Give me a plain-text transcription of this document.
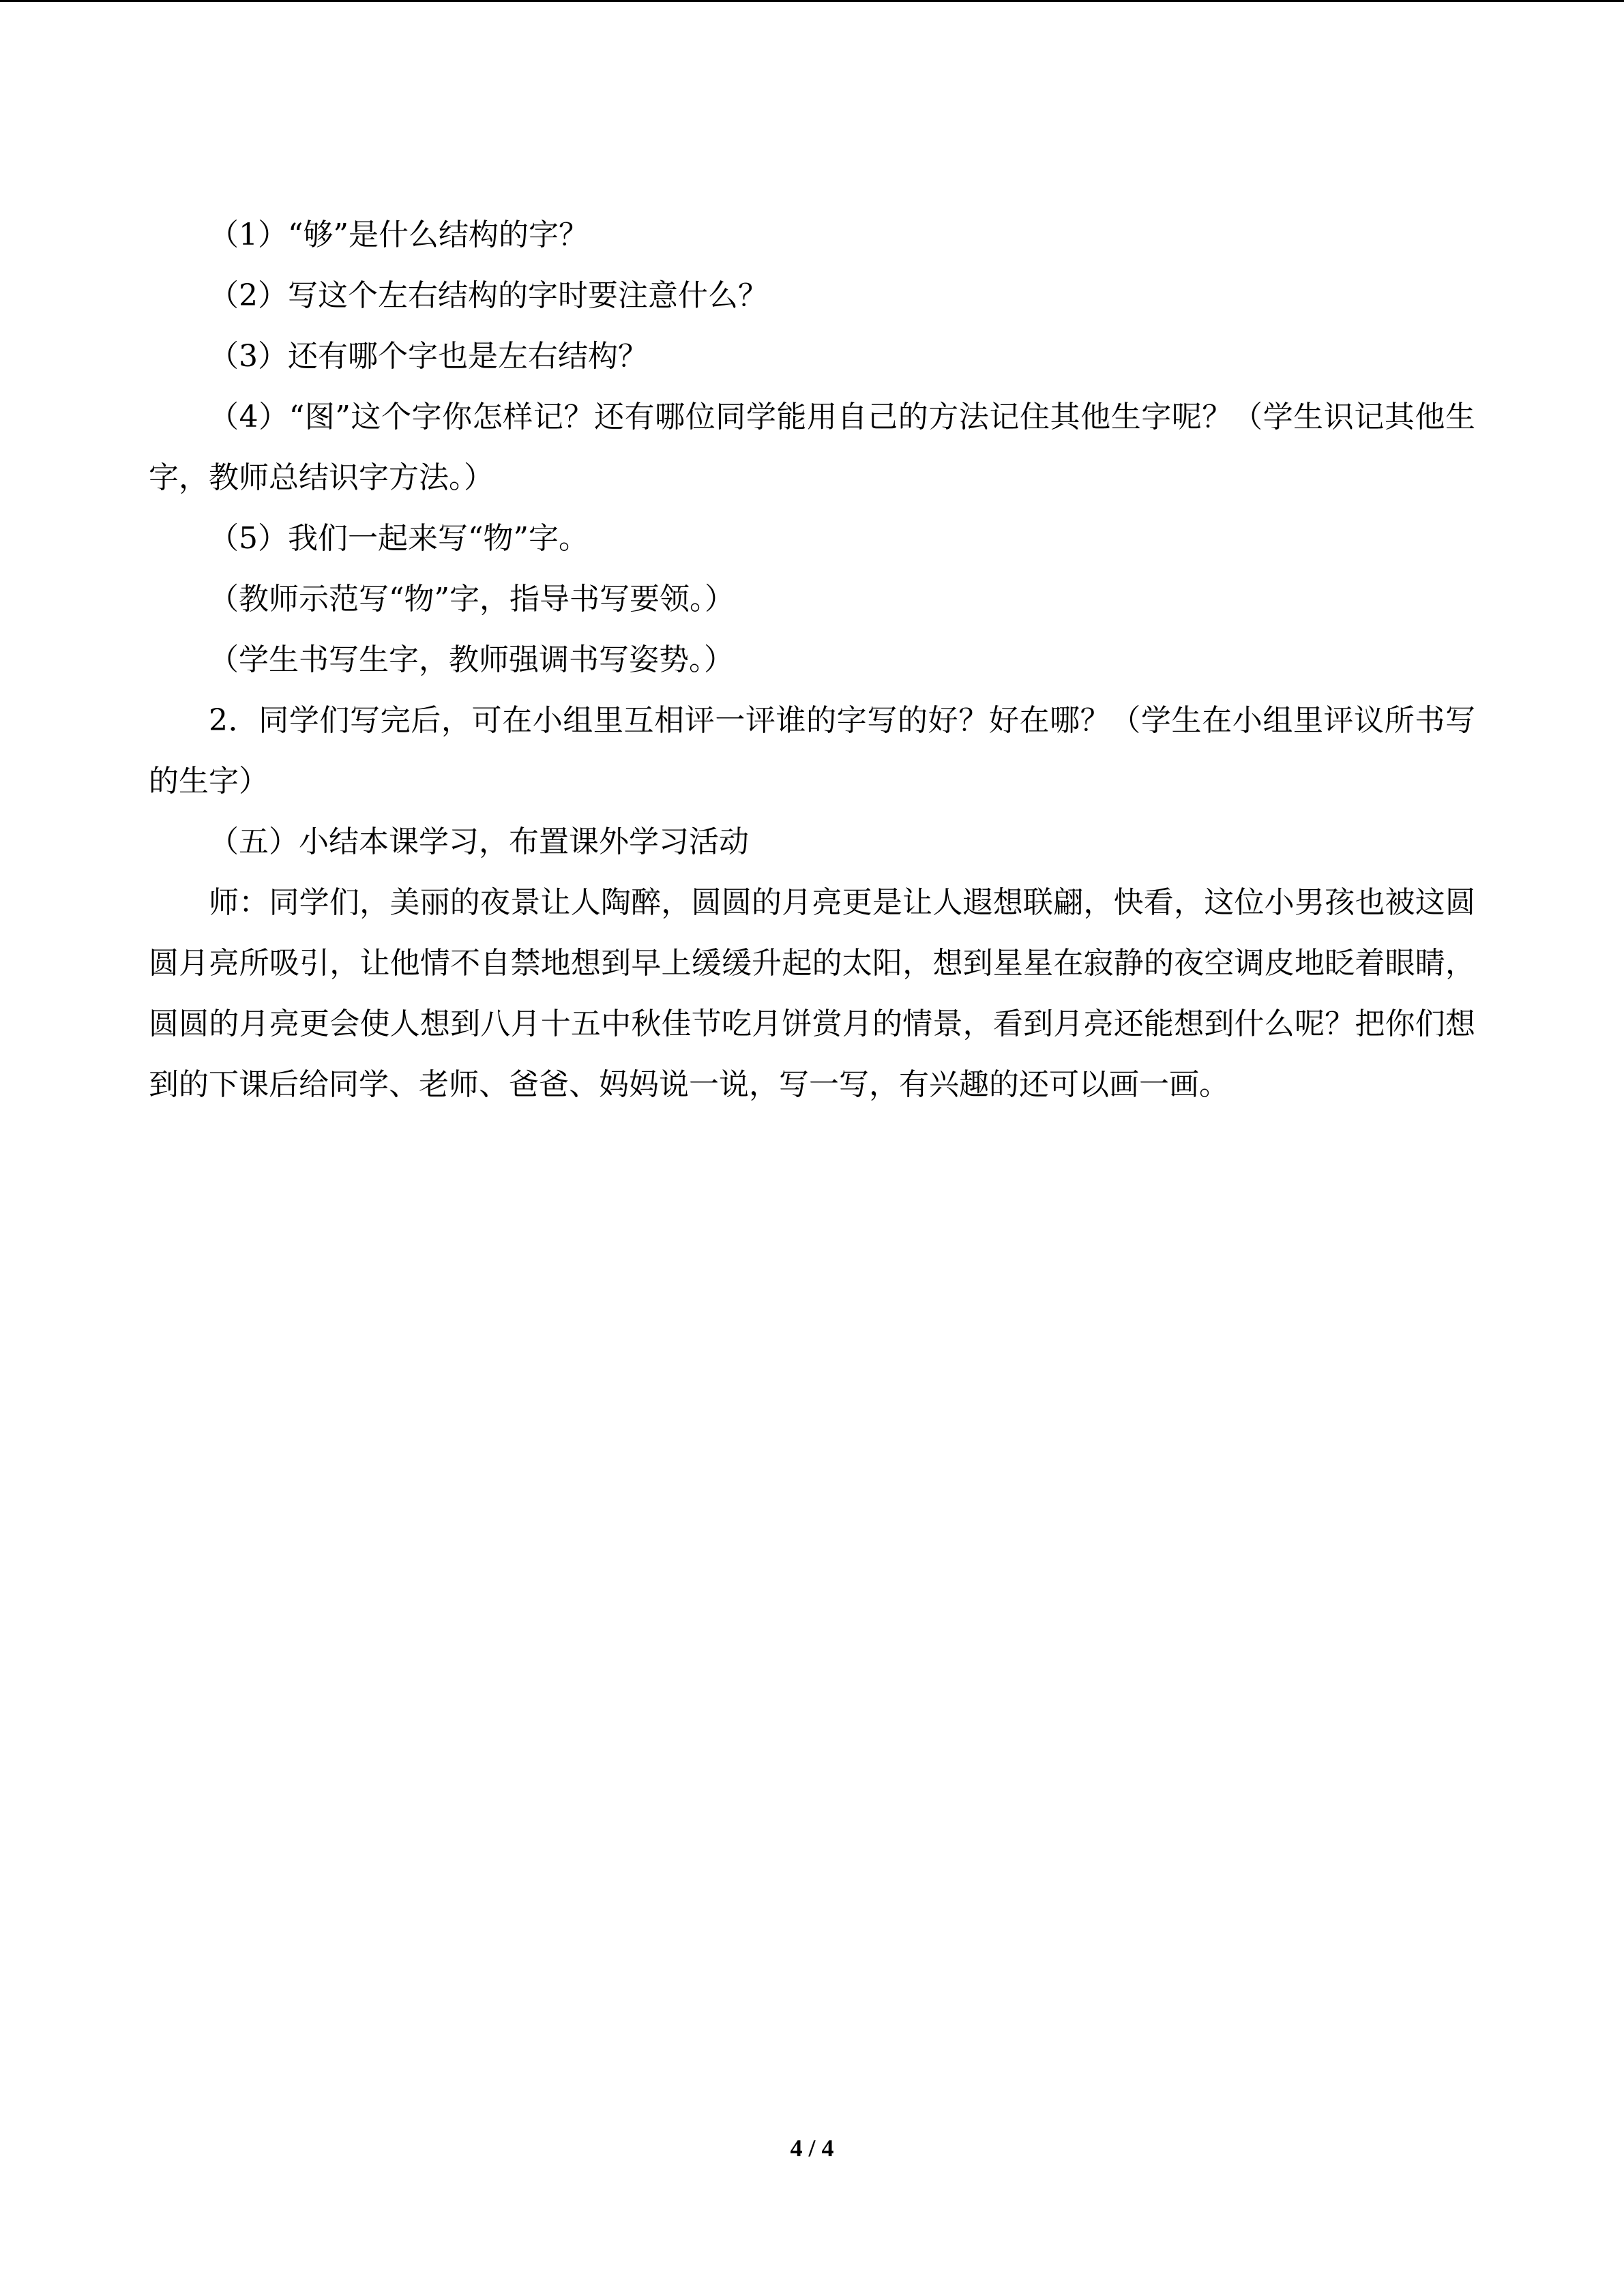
（1）“够”是什么结构的字？

（2）写这个左右结构的字时要注意什么？

（3）还有哪个字也是左右结构？

（4）“图”这个字你怎样记？还有哪位同学能用自己的方法记住其他生字呢？（学生识记其他生字，教师总结识字方法。）

（5）我们一起来写“物”字。

（教师示范写“物”字，指导书写要领。）

（学生书写生字，教师强调书写姿势。）

2．同学们写完后，可在小组里互相评一评谁的字写的好？好在哪？（学生在小组里评议所书写的生字）

（五）小结本课学习，布置课外学习活动

师：同学们，美丽的夜景让人陶醉，圆圆的月亮更是让人遐想联翩，快看，这位小男孩也被这圆圆月亮所吸引，让他情不自禁地想到早上缓缓升起的太阳，想到星星在寂静的夜空调皮地眨着眼睛，圆圆的月亮更会使人想到八月十五中秋佳节吃月饼赏月的情景，看到月亮还能想到什么呢？把你们想到的下课后给同学、老师、爸爸、妈妈说一说，写一写，有兴趣的还可以画一画。

4 / 4
